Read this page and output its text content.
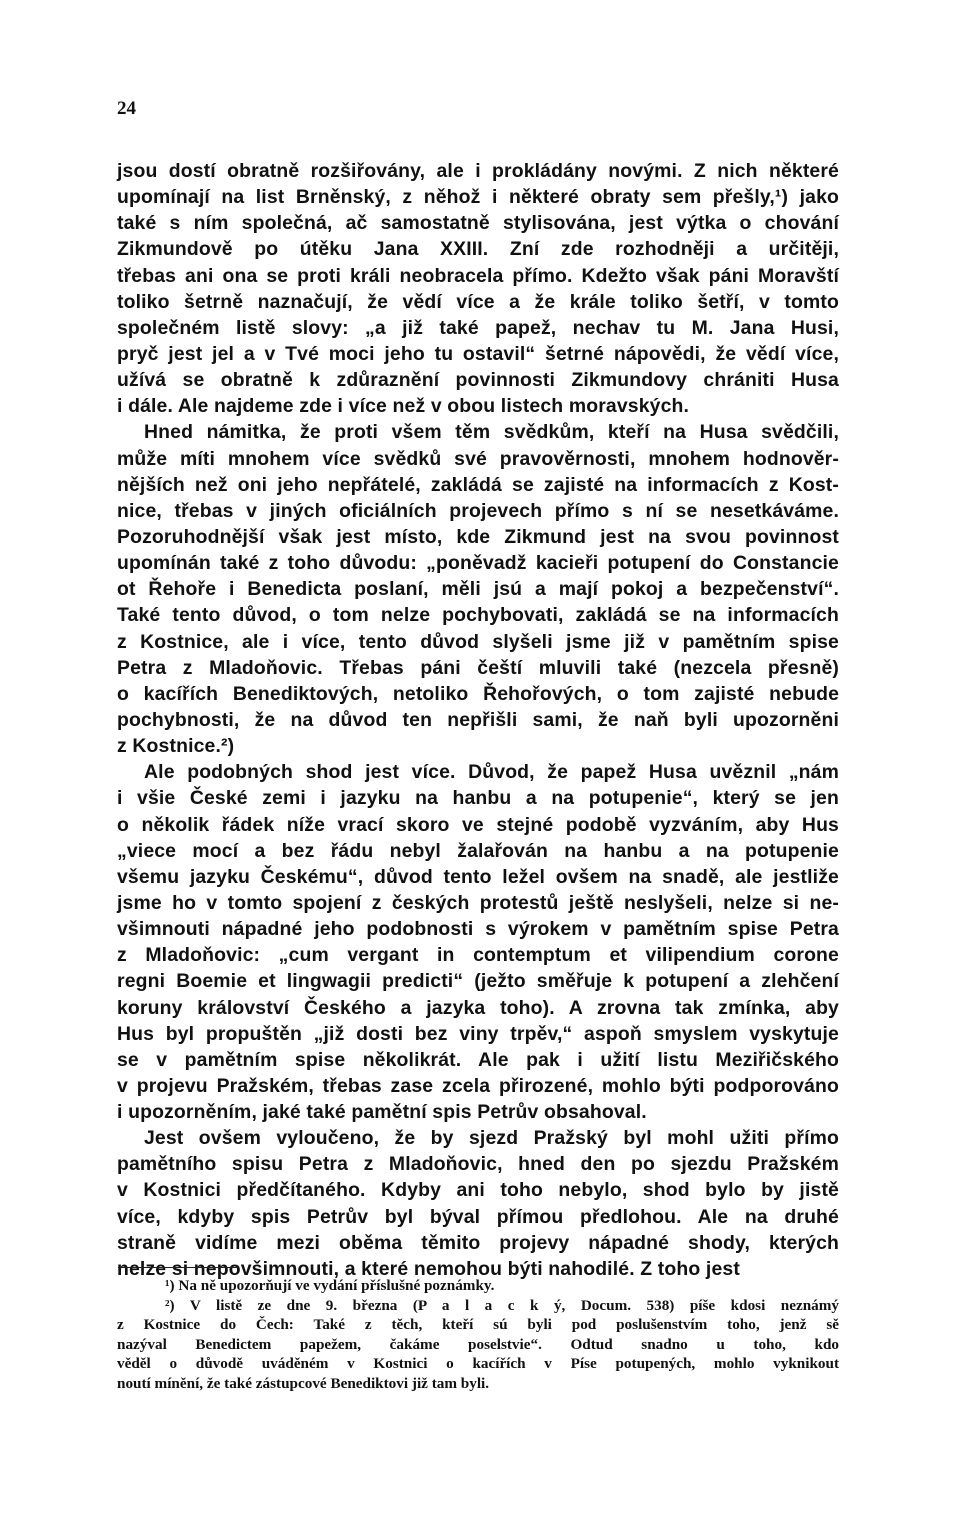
24
jsou dostí obratně rozšiřovány, ale i prokládány novými. Z nich některé
upomínají na list Brněnský, z něhož i některé obraty sem přešly,¹) jako
také s ním společná, ač samostatně stylisována, jest výtka o chování
Zikmundově po útěku Jana XXIII. Zní zde rozhodněji a určitěji,
třebas ani ona se proti králi neobracela přímo. Kdežto však páni Moravští
toliko šetrně naznačují, že vědí více a že krále toliko šetří, v tomto
společném listě slovy: „a již také papež, nechav tu M. Jana Husi,
pryč jest jel a v Tvé moci jeho tu ostavil“ šetrné nápovědi, že vědí více,
užívá se obratně k zdůraznění povinnosti Zikmundovy chrániti Husa
i dále. Ale najdeme zde i více než v obou listech moravských.
Hned námitka, že proti všem těm svědkům, kteří na Husa svědčili,
může míti mnohem více svědků své pravověrnosti, mnohem hodnověr-
nějších než oni jeho nepřátelé, zakládá se zajisté na informacích z Kost-
nice, třebas v jiných oficiálních projevech přímo s ní se nesetkáváme.
Pozoruhodnější však jest místo, kde Zikmund jest na svou povinnost
upomínán také z toho důvodu: „poněvadž kacieři potupení do Constancie
ot Řehoře i Benedicta poslaní, měli jsú a mají pokoj a bezpečenství“.
Také tento důvod, o tom nelze pochybovati, zakládá se na informacích
z Kostnice, ale i více, tento důvod slyšeli jsme již v pamětním spise
Petra z Mladoňovic. Třebas páni čeští mluvili také (nezcela přesně)
o kacířích Benediktových, netoliko Řehořových, o tom zajisté nebude
pochybnosti, že na důvod ten nepřišli sami, že naň byli upozorněni
z Kostnice.²)
Ale podobných shod jest více. Důvod, že papež Husa uvěznil „nám
i všie České zemi i jazyku na hanbu a na potupenie“, který se jen
o několik řádek níže vrací skoro ve stejné podobě vyzváním, aby Hus
„viece mocí a bez řádu nebyl žalařován na hanbu a na potupenie
všemu jazyku Českému“, důvod tento ležel ovšem na snadě, ale jestliže
jsme ho v tomto spojení z českých protestů ještě neslyšeli, nelze si ne-
všimnouti nápadné jeho podobnosti s výrokem v pamětním spise Petra
z Mladoňovic: „cum vergant in contemptum et vilipendium corone
regni Boemie et lingwagii predicti“ (ježto směřuje k potupení a zlehčení
koruny království Českého a jazyka toho). A zrovna tak zmínka, aby
Hus byl propuštěn „již dosti bez viny trpěv,“ aspoň smyslem vyskytuje
se v pamětním spise několikrát. Ale pak i užití listu Meziřičského
v projevu Pražském, třebas zase zcela přirozené, mohlo býti podporováno
i upozorněním, jaké také pamětní spis Petrův obsahoval.
Jest ovšem vyloučeno, že by sjezd Pražský byl mohl užiti přímo
pamětního spisu Petra z Mladoňovic, hned den po sjezdu Pražském
v Kostnici předčítaného. Kdyby ani toho nebylo, shod bylo by jistě
více, kdyby spis Petrův byl býval přímou předlohou. Ale na druhé
straně vidíme mezi oběma těmito projevy nápadné shody, kterých
nelze si nepovšimnouti, a které nemohou býti nahodilé. Z toho jest
¹) Na ně upozorňují ve vydání příslušné poznámky.
²) V listě ze dne 9. března (P a l a c k ý, Docum. 538) píše kdosi neznámý
z Kostnice do Čech: Také z těch, kteří sú byli pod poslušenstvím toho, jenž sě
nazýval Benedictem papežem, čakáme poselstvie“. Odtud snadno u toho, kdo
věděl o důvodě uváděném v Kostnici o kacířích v Píse potupených, mohlo vyknikout
noutí mínění, že také zástupcové Benediktovi již tam byli.
